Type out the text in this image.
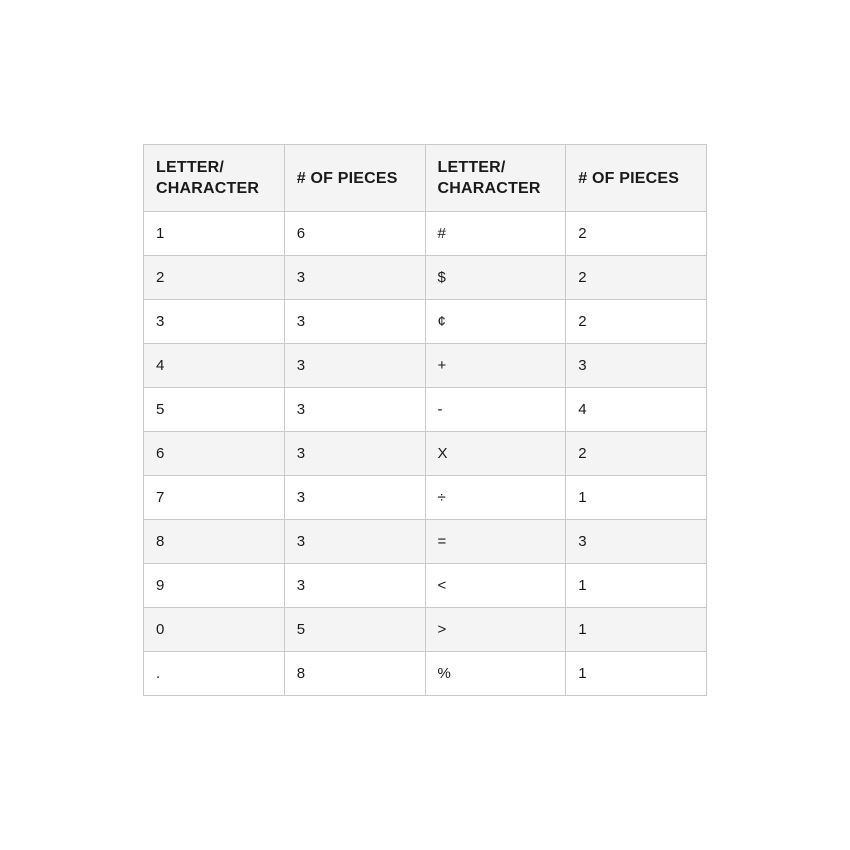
LETTER/ CHARACTER	# OF PIECES	LETTER/ CHARACTER	# OF PIECES
1	6	#	2
2	3	$	2
3	3	¢	2
4	3	+	3
5	3	-	4
6	3	X	2
7	3	÷	1
8	3	=	3
9	3	<	1
0	5	>	1
.	8	%	1
